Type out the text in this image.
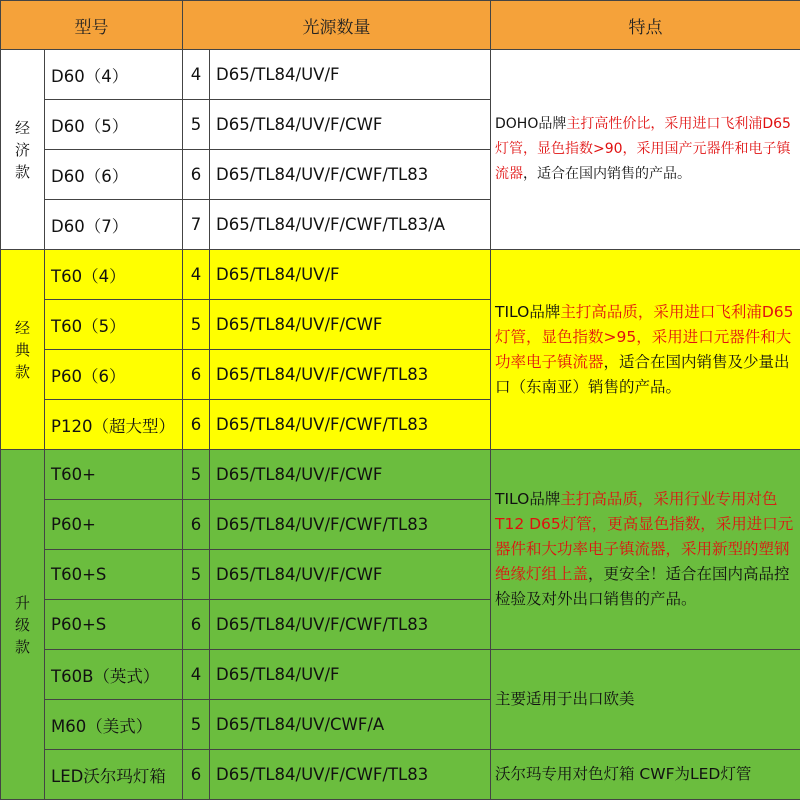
型号		光源数量		特点

经
济
款	D60（4）	4	D65/TL84/UV/F	DOHO品牌主打高性价比，采用进口飞利浦D65灯管，显色指数>90，采用国产元器件和电子镇流器，适合在国内销售的产品。
	D60（5）	5	D65/TL84/UV/F/CWF	
	D60（6）	6	D65/TL84/UV/F/CWF/TL83	
	D60（7）	7	D65/TL84/UV/F/CWF/TL83/A	

经
典
款	T60（4）	4	D65/TL84/UV/F	TILO品牌主打高品质，采用进口飞利浦D65灯管，显色指数>95，采用进口元器件和大功率电子镇流器，适合在国内销售及少量出口（东南亚）销售的产品。
	T60（5）	5	D65/TL84/UV/F/CWF	
	P60（6）	6	D65/TL84/UV/F/CWF/TL83	
	P120（超大型）	6	D65/TL84/UV/F/CWF/TL83	

升
级
款	T60+	5	D65/TL84/UV/F/CWF	TILO品牌主打高品质，采用行业专用对色T12 D65灯管，更高显色指数，采用进口元器件和大功率电子镇流器，采用新型的塑钢绝缘灯组上盖，更安全！适合在国内高品控检验及对外出口销售的产品。
	P60+	6	D65/TL84/UV/F/CWF/TL83	
	T60+S	5	D65/TL84/UV/F/CWF	
	P60+S	6	D65/TL84/UV/F/CWF/TL83	
	T60B（英式）	4	D65/TL84/UV/F	主要适用于出口欧美
	M60（美式）	5	D65/TL84/UV/CWF/A	
	LED沃尔玛灯箱	6	D65/TL84/UV/F/CWF/TL83	沃尔玛专用对色灯箱 CWF为LED灯管
